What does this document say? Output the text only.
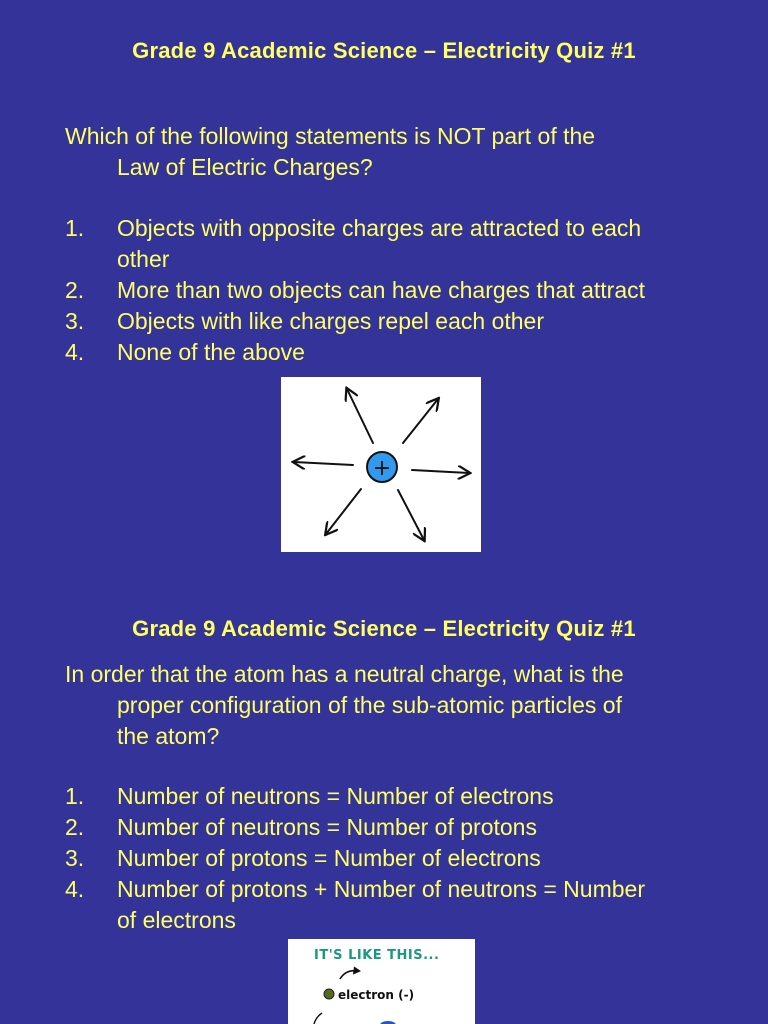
Grade 9 Academic Science – Electricity Quiz #1
Which of the following statements is NOT part of the
Law of Electric Charges?
1. Objects with opposite charges are attracted to each
other
2. More than two objects can have charges that attract
3. Objects with like charges repel each other
4. None of the above
+
Grade 9 Academic Science – Electricity Quiz #1
In order that the atom has a neutral charge, what is the
proper configuration of the sub-atomic particles of
the atom?
1. Number of neutrons = Number of electrons
2. Number of neutrons = Number of protons
3. Number of protons = Number of electrons
4. Number of protons + Number of neutrons = Number
of electrons
IT'S LIKE THIS...
electron (-)
